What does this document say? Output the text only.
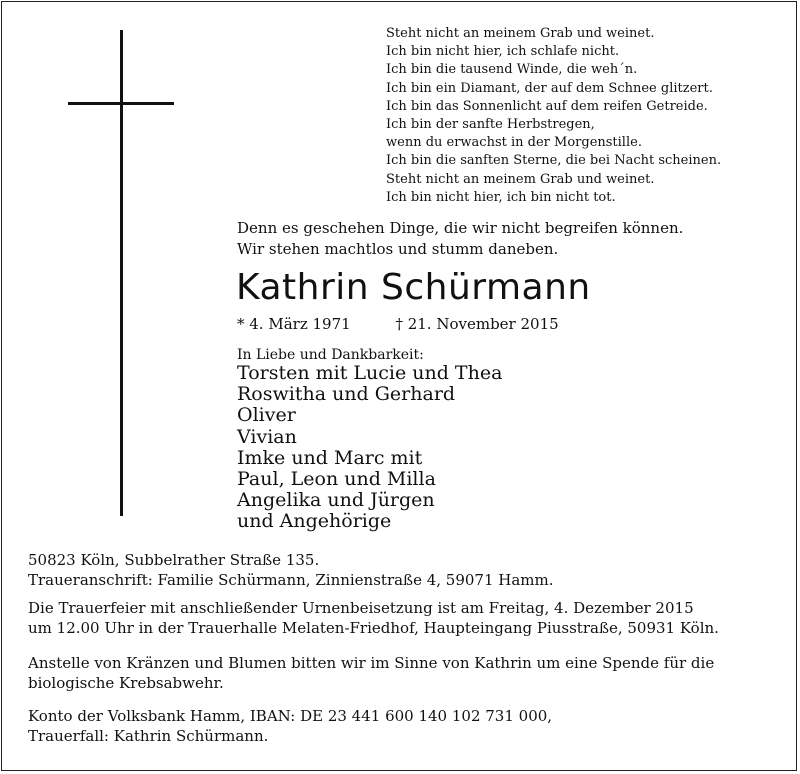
Steht nicht an meinem Grab und weinet.
Ich bin nicht hier, ich schlafe nicht.
Ich bin die tausend Winde, die weh´n.
Ich bin ein Diamant, der auf dem Schnee glitzert.
Ich bin das Sonnenlicht auf dem reifen Getreide.
Ich bin der sanfte Herbstregen,
wenn du erwachst in der Morgenstille.
Ich bin die sanften Sterne, die bei Nacht scheinen.
Steht nicht an meinem Grab und weinet.
Ich bin nicht hier, ich bin nicht tot.
Denn es geschehen Dinge, die wir nicht begreifen können.
Wir stehen machtlos und stumm daneben.
Kathrin Schürmann
* 4. März 1971	† 21. November 2015
In Liebe und Dankbarkeit:
Torsten mit Lucie und Thea
Roswitha und Gerhard
Oliver
Vivian
Imke und Marc mit
Paul, Leon und Milla
Angelika und Jürgen
und Angehörige
50823 Köln, Subbelrather Straße 135.
Traueranschrift: Familie Schürmann, Zinnienstraße 4, 59071 Hamm.
Die Trauerfeier mit anschließender Urnenbeisetzung ist am Freitag, 4. Dezember 2015
um 12.00 Uhr in der Trauerhalle Melaten-Friedhof, Haupteingang Piusstraße, 50931 Köln.
Anstelle von Kränzen und Blumen bitten wir im Sinne von Kathrin um eine Spende für die
biologische Krebsabwehr.
Konto der Volksbank Hamm, IBAN: DE 23 441 600 140 102 731 000,
Trauerfall: Kathrin Schürmann.
